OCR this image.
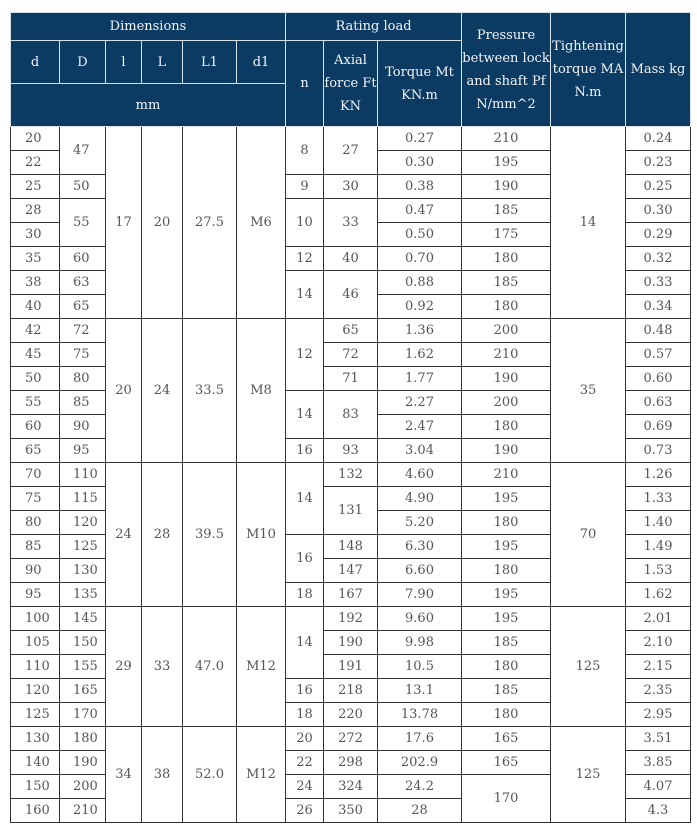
Dimensions						Rating load			Pressure between lock and shaft Pf N/mm^2	Tightening torque MA N.m	Mass kg
d	D	l	L	L1	d1	n	Axial force Ft KN	Torque Mt KN.m			
mm											
20	47	17	20	27.5	M6	8	27	0.27	210	14	0.24
22								0.30	195		0.23
25	50					9	30	0.38	190		0.25
28	55					10	33	0.47	185		0.30
30								0.50	175		0.29
35	60					12	40	0.70	180		0.32
38	63					14	46	0.88	185		0.33
40	65							0.92	180		0.34
42	72	20	24	33.5	M8	12	65	1.36	200	35	0.48
45	75						72	1.62	210		0.57
50	80						71	1.77	190		0.60
55	85					14	83	2.27	200		0.63
60	90							2.47	180		0.69
65	95					16	93	3.04	190		0.73
70	110	24	28	39.5	M10	14	132	4.60	210	70	1.26
75	115						131	4.90	195		1.33
80	120							5.20	180		1.40
85	125					16	148	6.30	195		1.49
90	130						147	6.60	180		1.53
95	135					18	167	7.90	195		1.62
100	145	29	33	47.0	M12	14	192	9.60	195	125	2.01
105	150						190	9.98	185		2.10
110	155						191	10.5	180		2.15
120	165					16	218	13.1	185		2.35
125	170					18	220	13.78	180		2.95
130	180	34	38	52.0	M12	20	272	17.6	165	125	3.51
140	190					22	298	202.9	165		3.85
150	200					24	324	24.2	170		4.07
160	210					26	350	28			4.3
